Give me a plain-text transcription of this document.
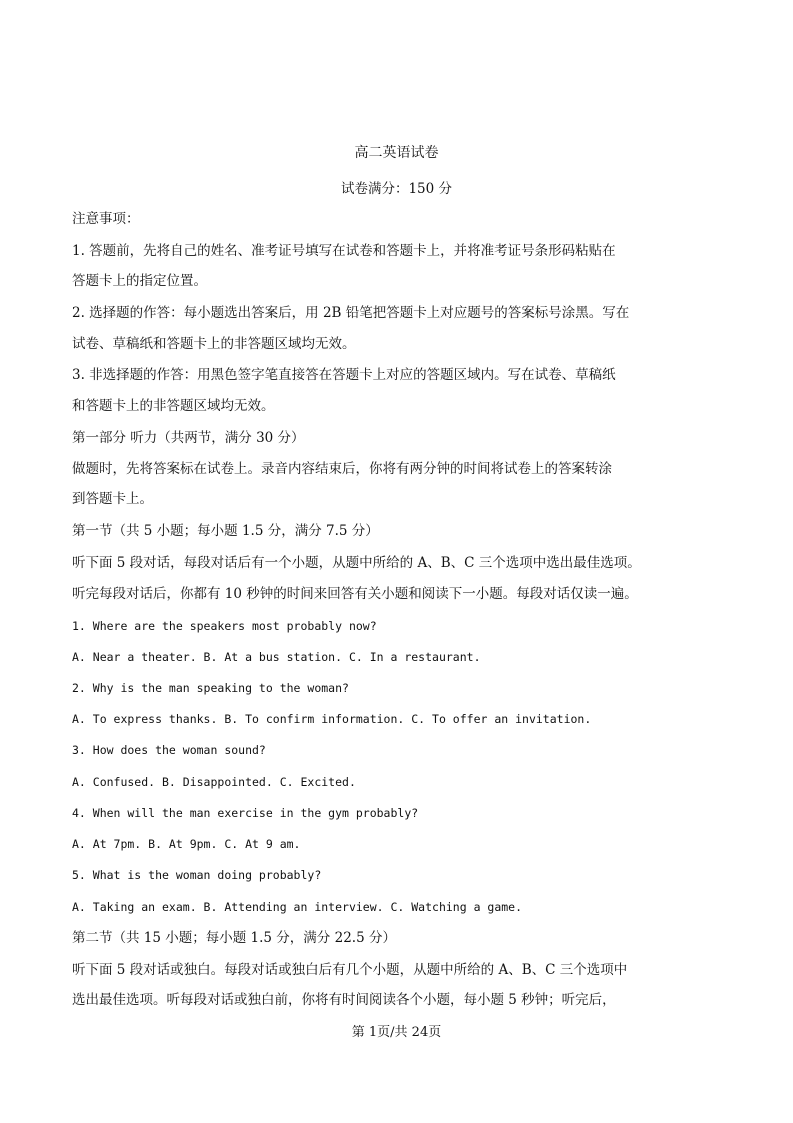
高二英语试卷
试卷满分：150 分
注意事项：
1. 答题前，先将自己的姓名、准考证号填写在试卷和答题卡上，并将准考证号条形码粘贴在
答题卡上的指定位置。
2. 选择题的作答：每小题选出答案后，用 2B 铅笔把答题卡上对应题号的答案标号涂黑。写在
试卷、草稿纸和答题卡上的非答题区域均无效。
3. 非选择题的作答：用黑色签字笔直接答在答题卡上对应的答题区域内。写在试卷、草稿纸
和答题卡上的非答题区域均无效。
第一部分 听力（共两节，满分 30 分）
做题时，先将答案标在试卷上。录音内容结束后，你将有两分钟的时间将试卷上的答案转涂
到答题卡上。
第一节（共 5 小题；每小题 1.5 分，满分 7.5 分）
听下面 5 段对话，每段对话后有一个小题，从题中所给的 A、B、C 三个选项中选出最佳选项。
听完每段对话后，你都有 10 秒钟的时间来回答有关小题和阅读下一小题。每段对话仅读一遍。
1. Where are the speakers most probably now?
A. Near a theater. B. At a bus station. C. In a restaurant.
2. Why is the man speaking to the woman?
A. To express thanks. B. To confirm information. C. To offer an invitation.
3. How does the woman sound?
A. Confused. B. Disappointed. C. Excited.
4. When will the man exercise in the gym probably?
A. At 7pm. B. At 9pm. C. At 9 am.
5. What is the woman doing probably?
A. Taking an exam. B. Attending an interview. C. Watching a game.
第二节（共 15 小题；每小题 1.5 分，满分 22.5 分）
听下面 5 段对话或独白。每段对话或独白后有几个小题，从题中所给的 A、B、C 三个选项中
选出最佳选项。听每段对话或独白前，你将有时间阅读各个小题，每小题 5 秒钟；听完后，
第 1页/共 24页
